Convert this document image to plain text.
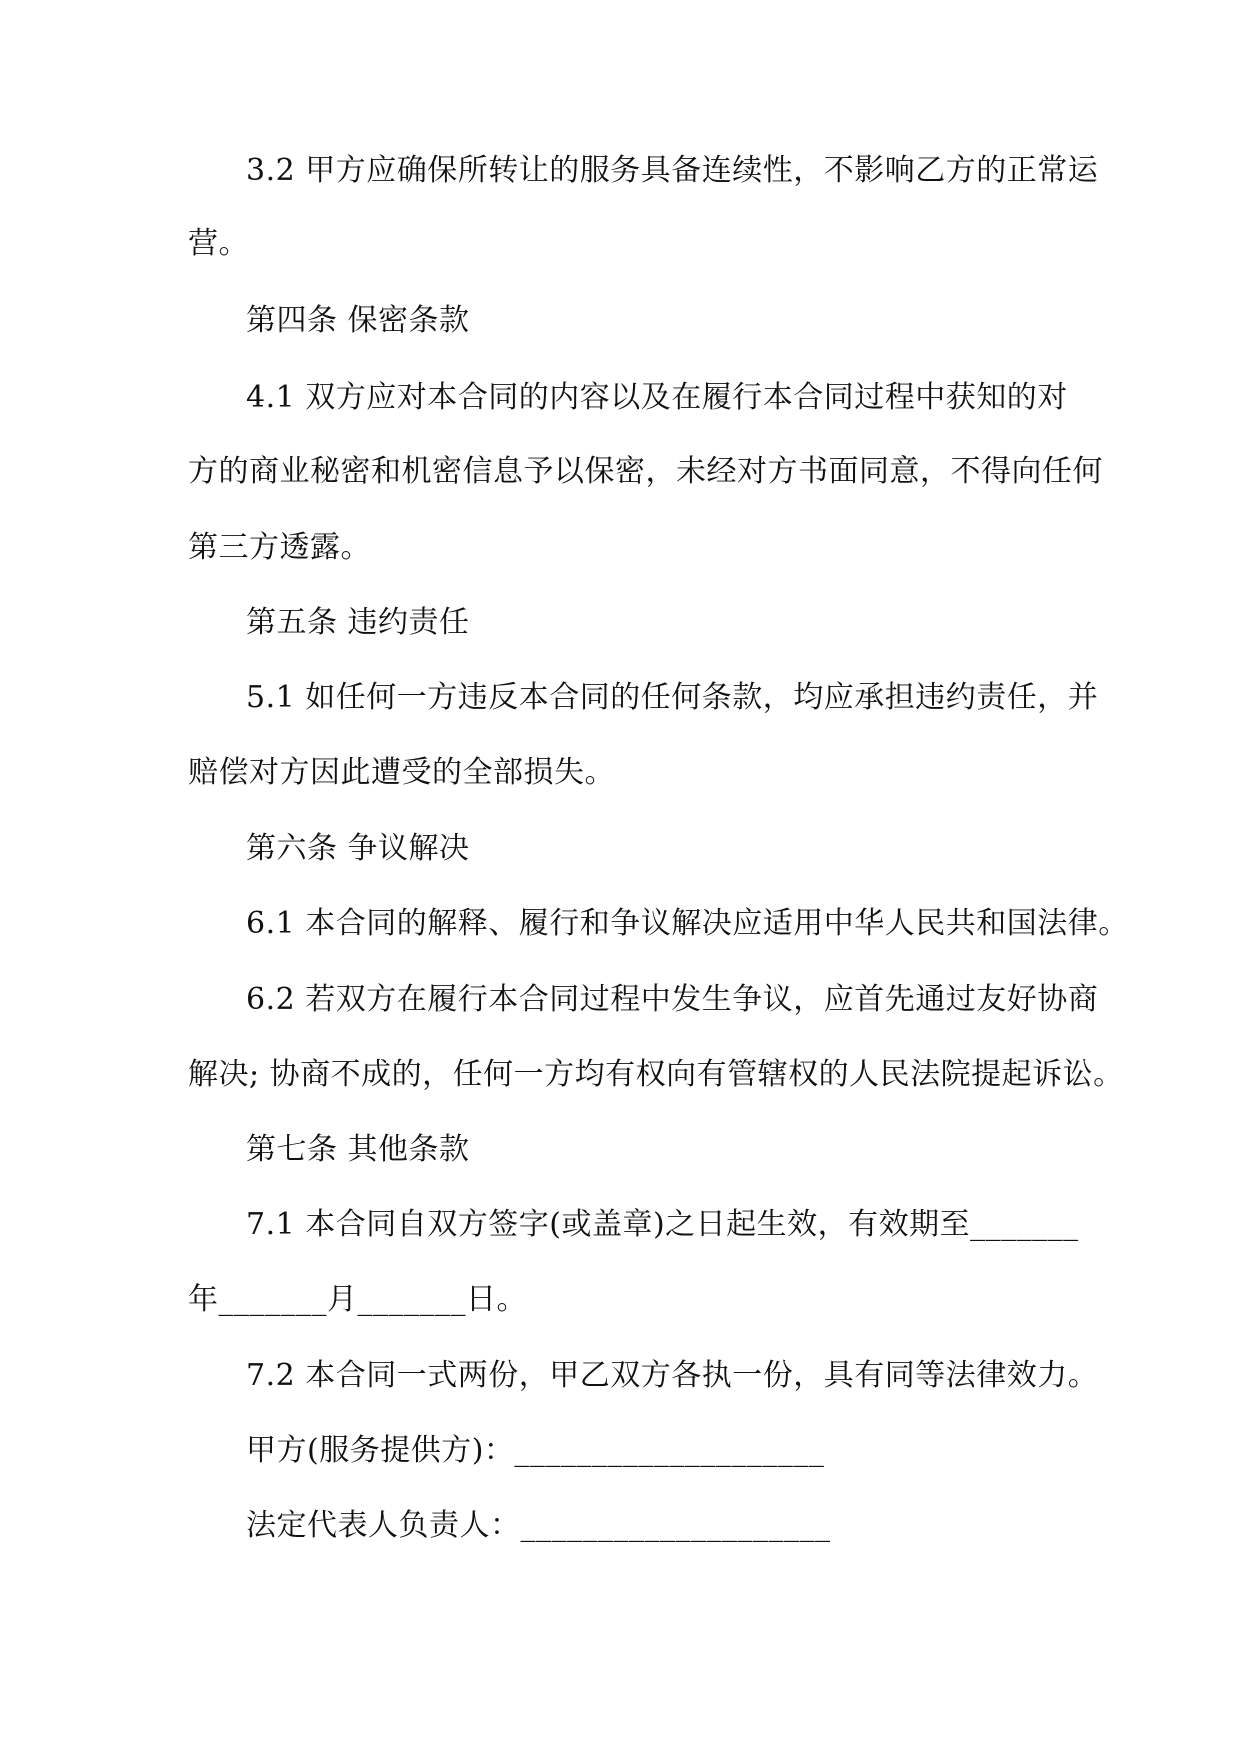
3.2 甲方应确保所转让的服务具备连续性，不影响乙方的正常运
营。
第四条 保密条款
4.1 双方应对本合同的内容以及在履行本合同过程中获知的对
方的商业秘密和机密信息予以保密，未经对方书面同意，不得向任何
第三方透露。
第五条 违约责任
5.1 如任何一方违反本合同的任何条款，均应承担违约责任，并
赔偿对方因此遭受的全部损失。
第六条 争议解决
6.1 本合同的解释、履行和争议解决应适用中华人民共和国法律。
6.2 若双方在履行本合同过程中发生争议，应首先通过友好协商
解决; 协商不成的，任何一方均有权向有管辖权的人民法院提起诉讼。
第七条 其他条款
7.1 本合同自双方签字(或盖章)之日起生效，有效期至_______
年_______月_______日。
7.2 本合同一式两份，甲乙双方各执一份，具有同等法律效力。
甲方(服务提供方)：____________________
法定代表人负责人：____________________
